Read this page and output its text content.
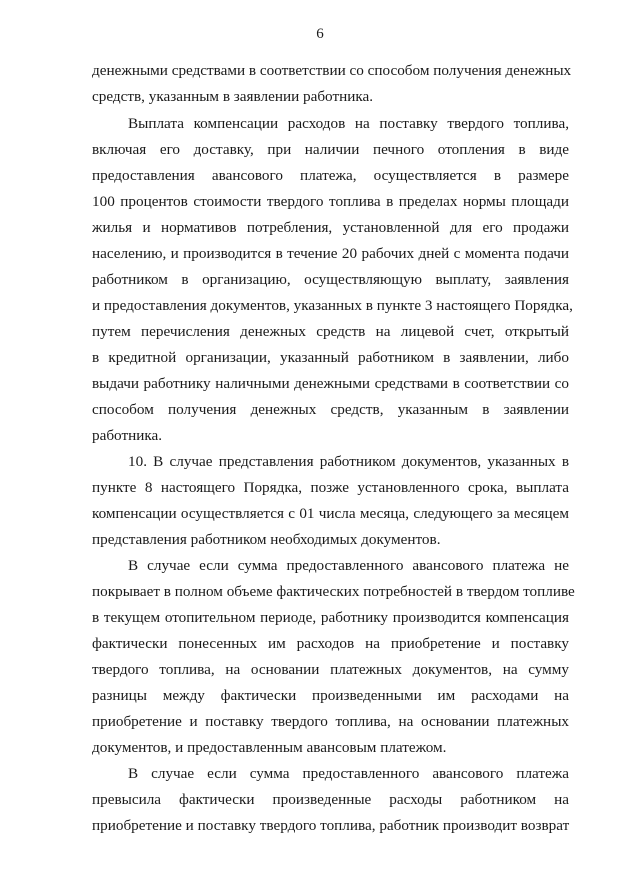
6
денежными средствами в соответствии со способом получения денежных
средств, указанным в заявлении работника.
Выплата компенсации расходов на поставку твердого топлива,
включая его доставку, при наличии печного отопления в виде
предоставления авансового платежа, осуществляется в размере
100 процентов стоимости твердого топлива в пределах нормы площади
жилья и нормативов потребления, установленной для его продажи
населению, и производится в течение 20 рабочих дней с момента подачи
работником в организацию, осуществляющую выплату, заявления
и предоставления документов, указанных в пункте 3 настоящего Порядка,
путем перечисления денежных средств на лицевой счет, открытый
в кредитной организации, указанный работником в заявлении, либо
выдачи работнику наличными денежными средствами в соответствии со
способом получения денежных средств, указанным в заявлении
работника.
10. В случае представления работником документов, указанных в
пункте 8 настоящего Порядка, позже установленного срока, выплата
компенсации осуществляется с 01 числа месяца, следующего за месяцем
представления работником необходимых документов.
В случае если сумма предоставленного авансового платежа не
покрывает в полном объеме фактических потребностей в твердом топливе
в текущем отопительном периоде, работнику производится компенсация
фактически понесенных им расходов на приобретение и поставку
твердого топлива, на основании платежных документов, на сумму
разницы между фактически произведенными им расходами на
приобретение и поставку твердого топлива, на основании платежных
документов, и предоставленным авансовым платежом.
В случае если сумма предоставленного авансового платежа
превысила фактически произведенные расходы работником на
приобретение и поставку твердого топлива, работник производит возврат
